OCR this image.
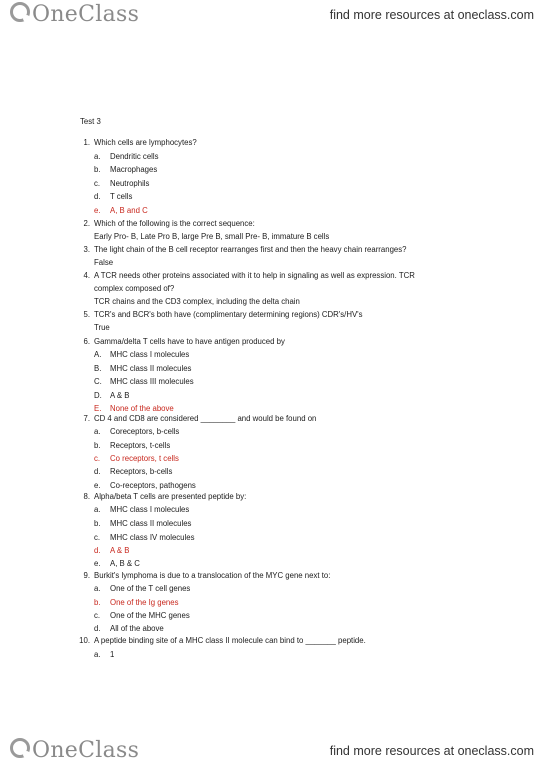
OneClass	find more resources at oneclass.com
Test 3
1. Which cells are lymphocytes?
a.	Dendritic cells
b.	Macrophages
c.	Neutrophils
d.	T cells
e.	A, B and C
2. Which of the following is the correct sequence:
Early Pro- B, Late Pro B, large Pre B, small Pre- B, immature B cells
3. The light chain of the B cell receptor rearranges first and then the heavy chain rearranges?
False
4. A TCR needs other proteins associated with it to help in signaling as well as expression. TCR
complex composed of?
TCR chains and the CD3 complex, including the delta chain
5. TCR's and BCR's both have (complimentary determining regions) CDR's/HV's
True
6. Gamma/delta T cells have to have antigen produced by
A.	MHC class I molecules
B.	MHC class II molecules
C.	MHC class III molecules
D.	A & B
E.	None of the above
7. CD 4 and CD8 are considered ________ and would be found on
a.	Coreceptors, b-cells
b.	Receptors, t-cells
c.	Co receptors, t cells
d.	Receptors, b-cells
e.	Co-receptors, pathogens
8. Alpha/beta T cells are presented peptide by:
a.	MHC class I molecules
b.	MHC class II molecules
c.	MHC class IV molecules
d.	A & B
e.	A, B & C
9. Burkit's lymphoma is due to a translocation of the MYC gene next to:
a.	One of the T cell genes
b.	One of the Ig genes
c.	One of the MHC genes
d.	All of the above
10. A peptide binding site of a MHC class II molecule can bind to _______ peptide.
a.	1
OneClass	find more resources at oneclass.com
